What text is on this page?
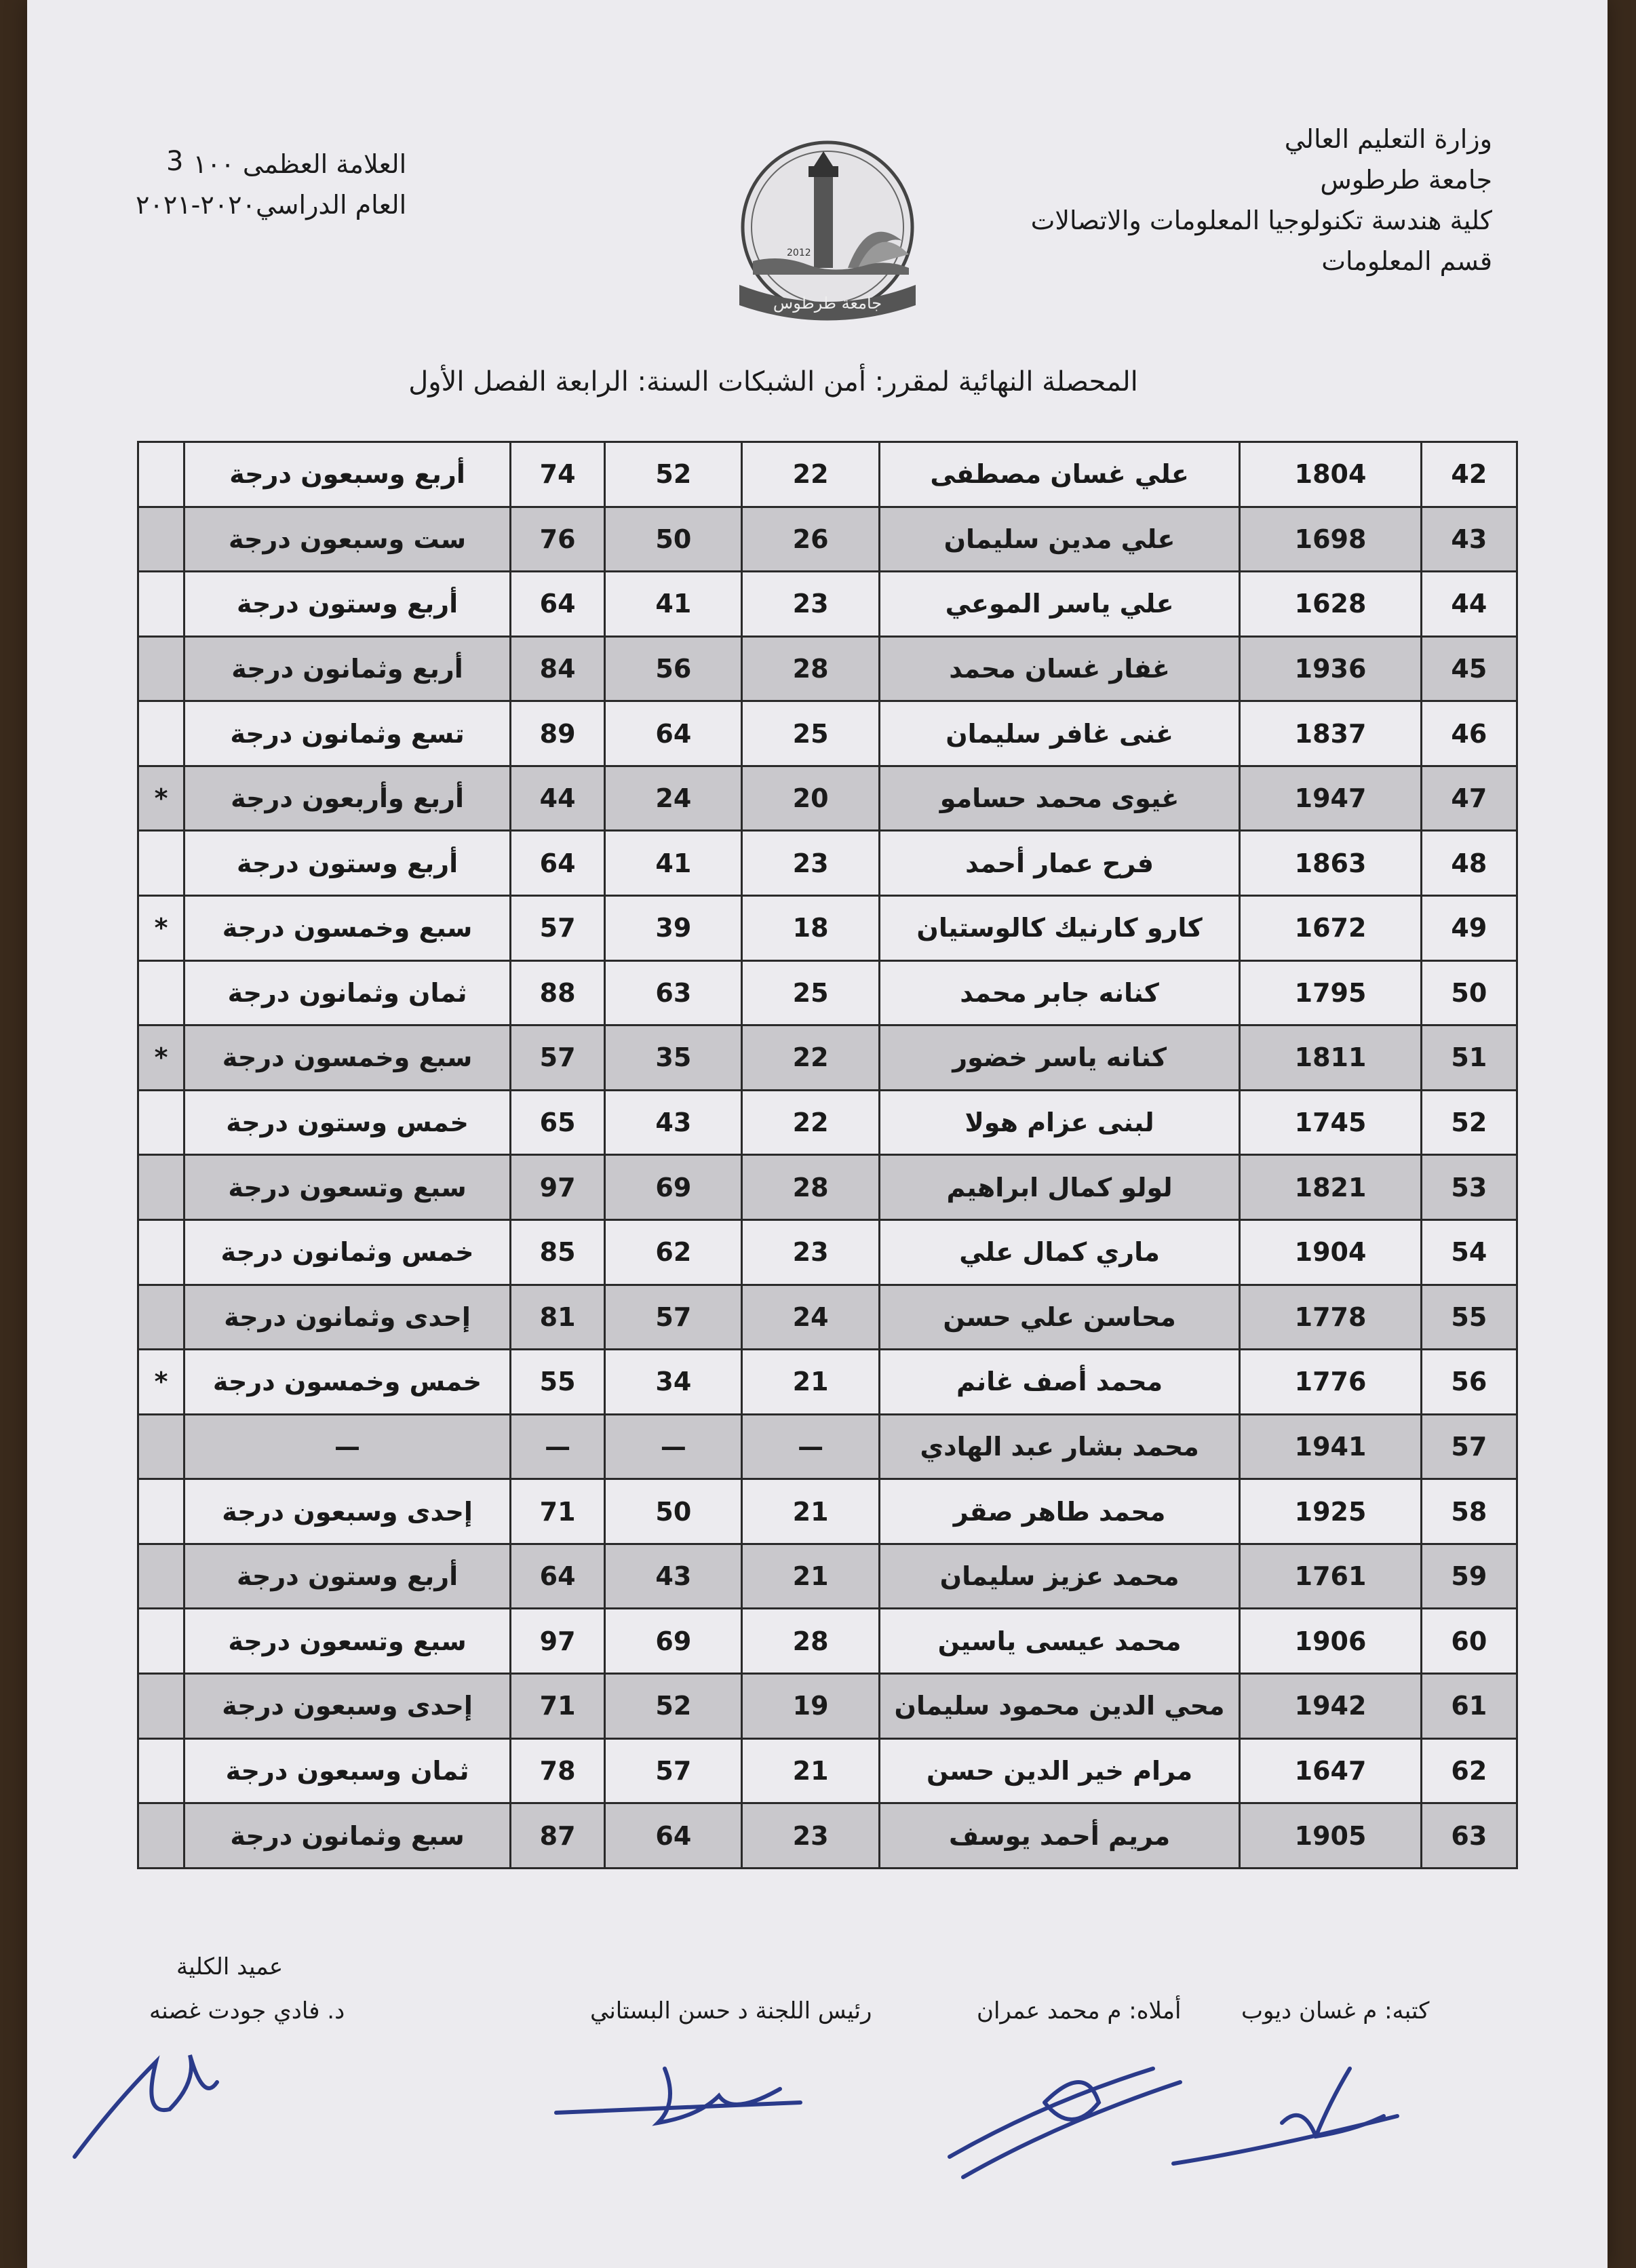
وزارة التعليم العالي
جامعة طرطوس
كلية هندسة تكنولوجيا المعلومات والاتصالات
قسم المعلومات
3 العلامة العظمى ١٠٠
العام الدراسي٢٠٢٠-٢٠٢١
جامعة طرطوس
2012
المحصلة النهائية لمقرر: أمن الشبكات السنة: الرابعة الفصل الأول
42	1804	علي غسان مصطفى	22	52	74	أربع وسبعون درجة	
43	1698	علي مدين سليمان	26	50	76	ست وسبعون درجة	
44	1628	علي ياسر الموعي	23	41	64	أربع وستون درجة	
45	1936	غفار غسان محمد	28	56	84	أربع وثمانون درجة	
46	1837	غنى غافر سليمان	25	64	89	تسع وثمانون درجة	
47	1947	غيوى محمد حسامو	20	24	44	أربع وأربعون درجة	*
48	1863	فرح عمار أحمد	23	41	64	أربع وستون درجة	
49	1672	كارو كارنيك كالوستيان	18	39	57	سبع وخمسون درجة	*
50	1795	كنانه جابر محمد	25	63	88	ثمان وثمانون درجة	
51	1811	كنانه ياسر خضور	22	35	57	سبع وخمسون درجة	*
52	1745	لبنى عزام هولا	22	43	65	خمس وستون درجة	
53	1821	لولو كمال ابراهيم	28	69	97	سبع وتسعون درجة	
54	1904	ماري كمال علي	23	62	85	خمس وثمانون درجة	
55	1778	محاسن علي حسن	24	57	81	إحدى وثمانون درجة	
56	1776	محمد أصف غانم	21	34	55	خمس وخمسون درجة	*
57	1941	محمد بشار عبد الهادي	—	—	—	—	
58	1925	محمد طاهر صقر	21	50	71	إحدى وسبعون درجة	
59	1761	محمد عزيز سليمان	21	43	64	أربع وستون درجة	
60	1906	محمد عيسى ياسين	28	69	97	سبع وتسعون درجة	
61	1942	محي الدين محمود سليمان	19	52	71	إحدى وسبعون درجة	
62	1647	مرام خير الدين حسن	21	57	78	ثمان وسبعون درجة	
63	1905	مريم أحمد يوسف	23	64	87	سبع وثمانون درجة	
عميد الكلية
د. فادي جودت غصنه	رئيس اللجنة د حسن البستاني	أملاه: م محمد عمران	كتبه: م غسان ديوب
